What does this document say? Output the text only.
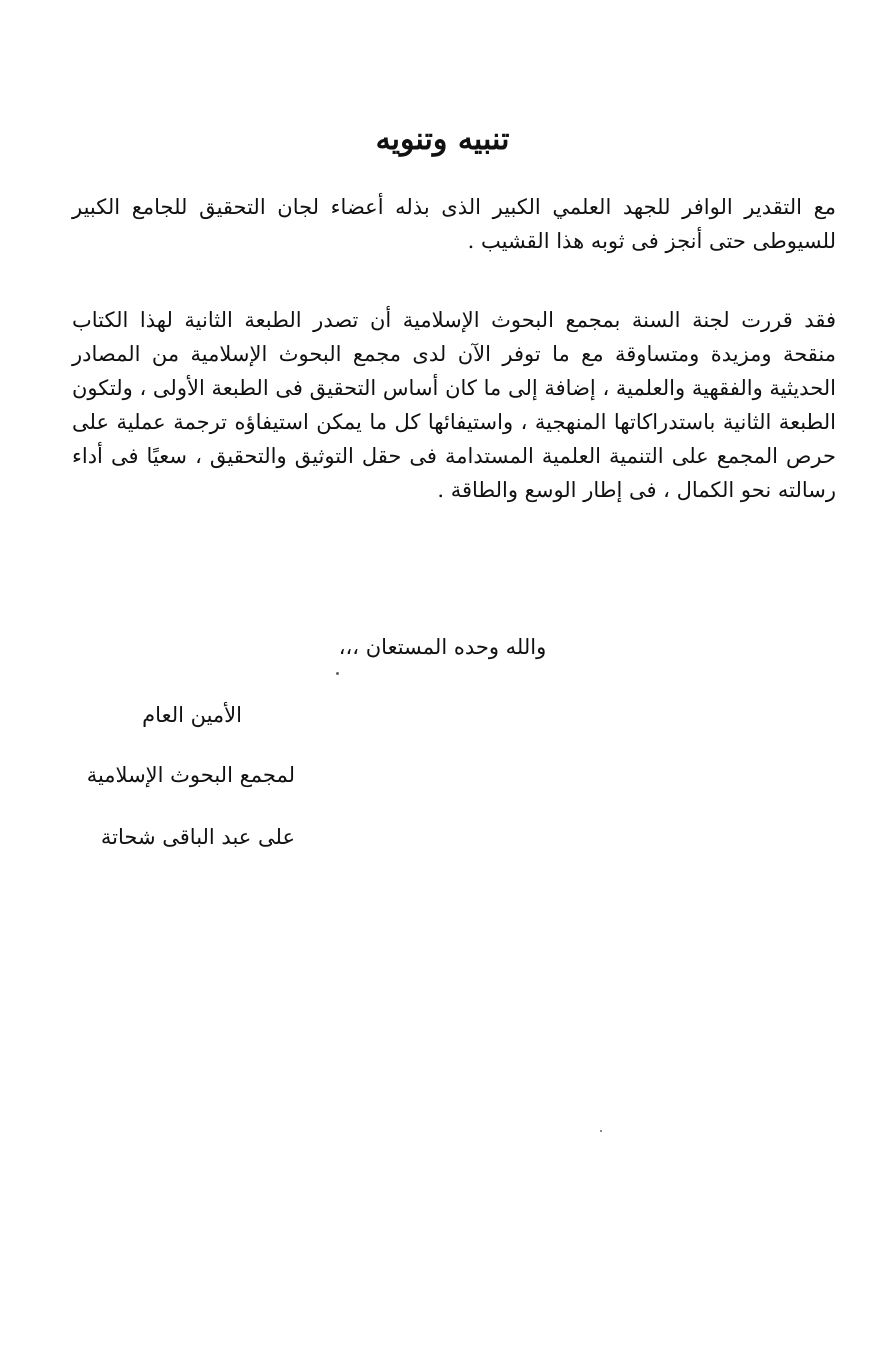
تنبيه وتنويه

مع التقدير الوافر للجهد العلمي الكبير الذى بذله أعضاء لجان التحقيق للجامع الكبير للسيوطى حتى أنجز فى ثوبه هذا القشيب .

فقد قررت لجنة السنة بمجمع البحوث الإسلامية أن تصدر الطبعة الثانية لهذا الكتاب منقحة ومزيدة ومتساوقة مع ما توفر الآن لدى مجمع البحوث الإسلامية من المصادر الحديثية والفقهية والعلمية ، إضافة إلى ما كان أساس التحقيق فى الطبعة الأولى ، ولتكون الطبعة الثانية باستدراكاتها المنهجية ، واستيفائها كل ما يمكن استيفاؤه ترجمة عملية على حرص المجمع على التنمية العلمية المستدامة فى حقل التوثيق والتحقيق ، سعيًا فى أداء رسالته نحو الكمال ، فى إطار الوسع والطاقة .

والله وحده المستعان ،،،

الأمين العام

لمجمع البحوث الإسلامية

على عبد الباقى شحاتة
